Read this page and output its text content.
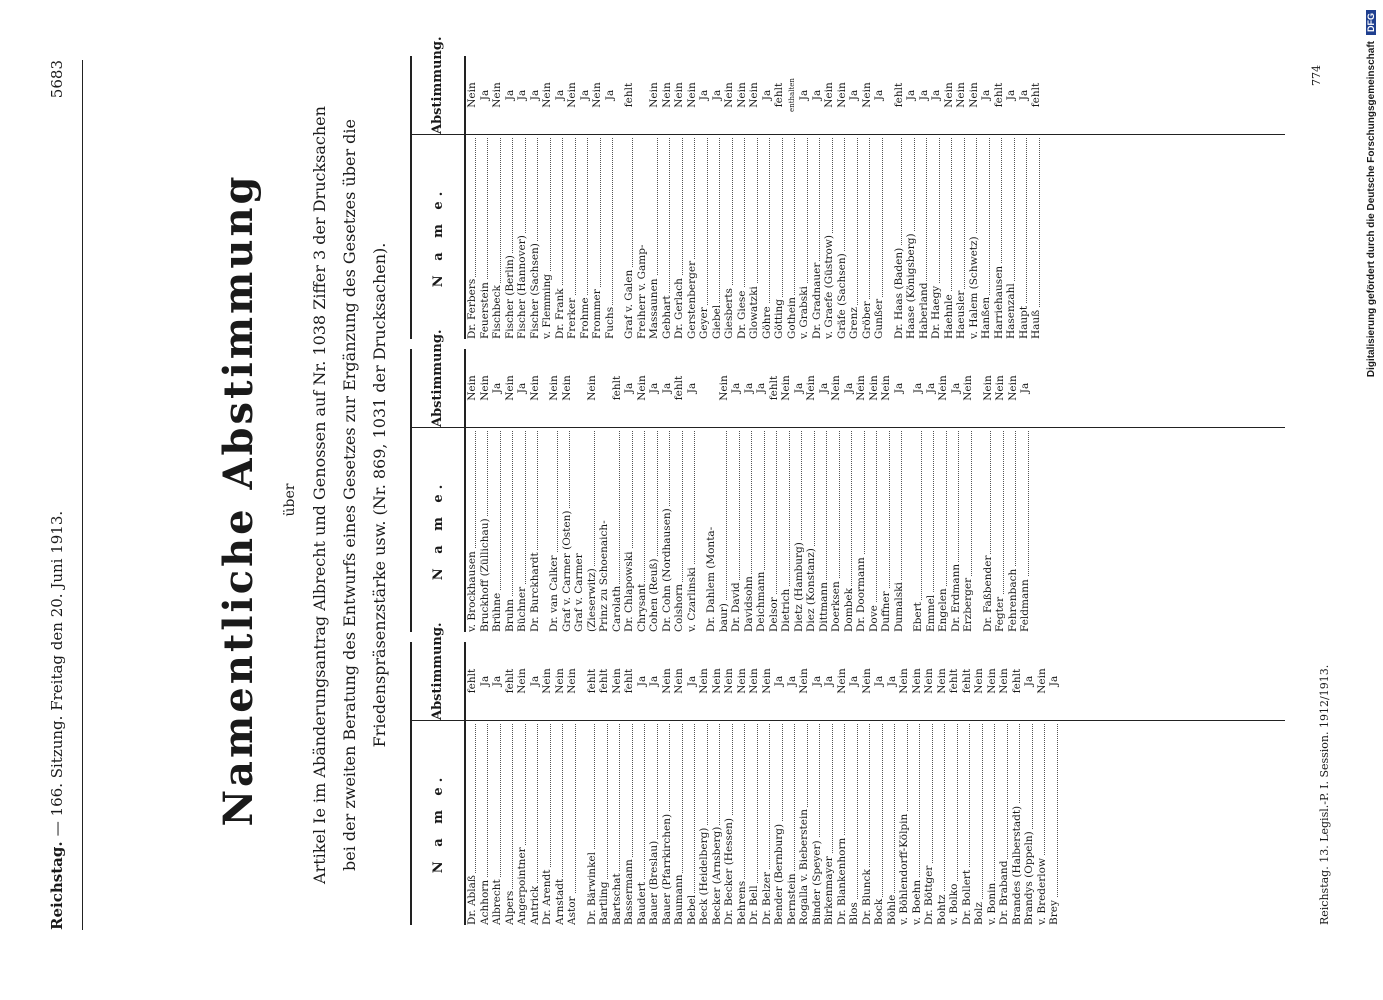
Reichstag. — 166. Sitzung. Freitag den 20. Juni 1913.
5683
Namentliche Abstimmung über Artikel Ie im Abänderungsantrag Albrecht und Genossen auf Nr. 1038 Ziffer 3 der Drucksachen bei der zweiten Beratung des Entwurfs eines Gesetzes zur Ergänzung des Gesetzes über die Friedenspräsenzstärke usw. (Nr. 869, 1031 der Drucksachen).
N a m e.
Abstimmung.
Dr. Ablaß
fehlt
Achhorn
Ja
Albrecht
Ja
Alpers
fehlt
Angerpointner
Nein
Antrick
Ja
Dr. Arendt
Nein
Arnstadt
Nein
Astor
Nein
Dr. Bärwinkel
fehlt
Bartling
fehlt
Bartschat
Nein
Bassermann
fehlt
Baudert
Ja
Bauer (Breslau)
Ja
Bauer (Pfarrkirchen)
Nein
Baumann
Nein
Bebel
Ja
Beck (Heidelberg)
Nein
Becker (Arnsberg)
Nein
Dr. Becker (Hessen)
Nein
Behrens
Nein
Dr. Bell
Nein
Dr. Belzer
Nein
Bender (Bernburg)
Ja
Bernstein
Ja
Rogalla v. Bieberstein
Nein
Binder (Speyer)
Ja
Birkenmayer
Ja
Dr. Blankenhorn
Nein
Blos
Ja
Dr. Blunck
Nein
Bock
Ja
Böhle
Ja
v. Böhlendorff-Kölpin
Nein
v. Boehn
Nein
Dr. Böttger
Nein
Bohtz
Nein
v. Bolko
fehlt
Dr. Bollert
fehlt
Bolz
Nein
v. Bonin
Nein
Dr. Braband
Nein
Brandes (Halberstadt)
fehlt
Brandys (Oppeln)
Ja
v. Brederlow
Nein
Brey
Ja
N a m e.
Abstimmung.
v. Brockhausen
Nein
Bruckhoff (Züllichau)
Nein
Brühne
Ja
Bruhn
Nein
Büchner
Ja
Dr. Burckhardt
Nein
Dr. van Calker
Nein
Graf v. Carmer (Osten)
Nein
Graf v. Carmer (Zieserwitz)
Nein
Prinz zu Schoenaich- Carolath
fehlt
Dr. Chlapowski
Ja
Chrysant
Nein
Cohen (Reuß)
Ja
Dr. Cohn (Nordhausen)
Ja
Colshorn
fehlt
v. Czarlinski
Ja
Dr. Dahlem (Monta- baur)
Nein
Dr. David
Ja
Davidsohn
Ja
Deichmann
Ja
Delsor
fehlt
Dietrich
Nein
Dietz (Hamburg)
Ja
Diez (Konstanz)
Nein
Dittmann
Ja
Doerksen
Nein
Dombek
Ja
Dr. Doormann
Nein
Dove
Nein
Duffner
Nein
Dumalski
Ja
Ebert
Ja
Emmel
Ja
Engelen
Nein
Dr. Erdmann
Ja
Erzberger
Nein
Dr. Faßbender
Nein
Fegter
Nein
Fehrenbach
Nein
Feldmann
Ja
N a m e.
Abstimmung.
Dr. Ferbers
Nein
Feuerstein
Ja
Fischbeck
Nein
Fischer (Berlin)
Ja
Fischer (Hannover)
Ja
Fischer (Sachsen)
Ja
v. Flemming
Nein
Dr. Frank
Ja
Frerker
Nein
Frohme
Ja
Frommer
Nein
Fuchs
Ja
Graf v. Galen
fehlt
Freiherr v. Gamp- Massaunen
Nein
Gebhart
Nein
Dr. Gerlach
Nein
Gerstenberger
Nein
Geyer
Ja
Giebel
Ja
Giesberts
Nein
Dr. Giese
Nein
Glowatzki
Nein
Göhre
Ja
Götting
fehlt
Gothein
enthalten
v. Grabski
Ja
Dr. Gradnauer
Ja
v. Graefe (Güstrow)
Nein
Gräfe (Sachsen)
Nein
Grenz
Ja
Gröber
Nein
Gunßer
Ja
Dr. Haas (Baden)
fehlt
Haase (Königsberg)
Ja
Haberland
Ja
Dr. Haegy
Ja
Haehnle
Nein
Haeusler
Nein
v. Halem (Schwetz)
Nein
Hanßen
Ja
Harriehausen
fehlt
Hasenzahl
Ja
Haupt
Ja
Hauß
fehlt
Reichstag. 13. Legisl.-P. I. Session. 1912/1913.
774	Digitalisierung gefördert durch die Deutsche Forschungsgemeinschaft
DFG
